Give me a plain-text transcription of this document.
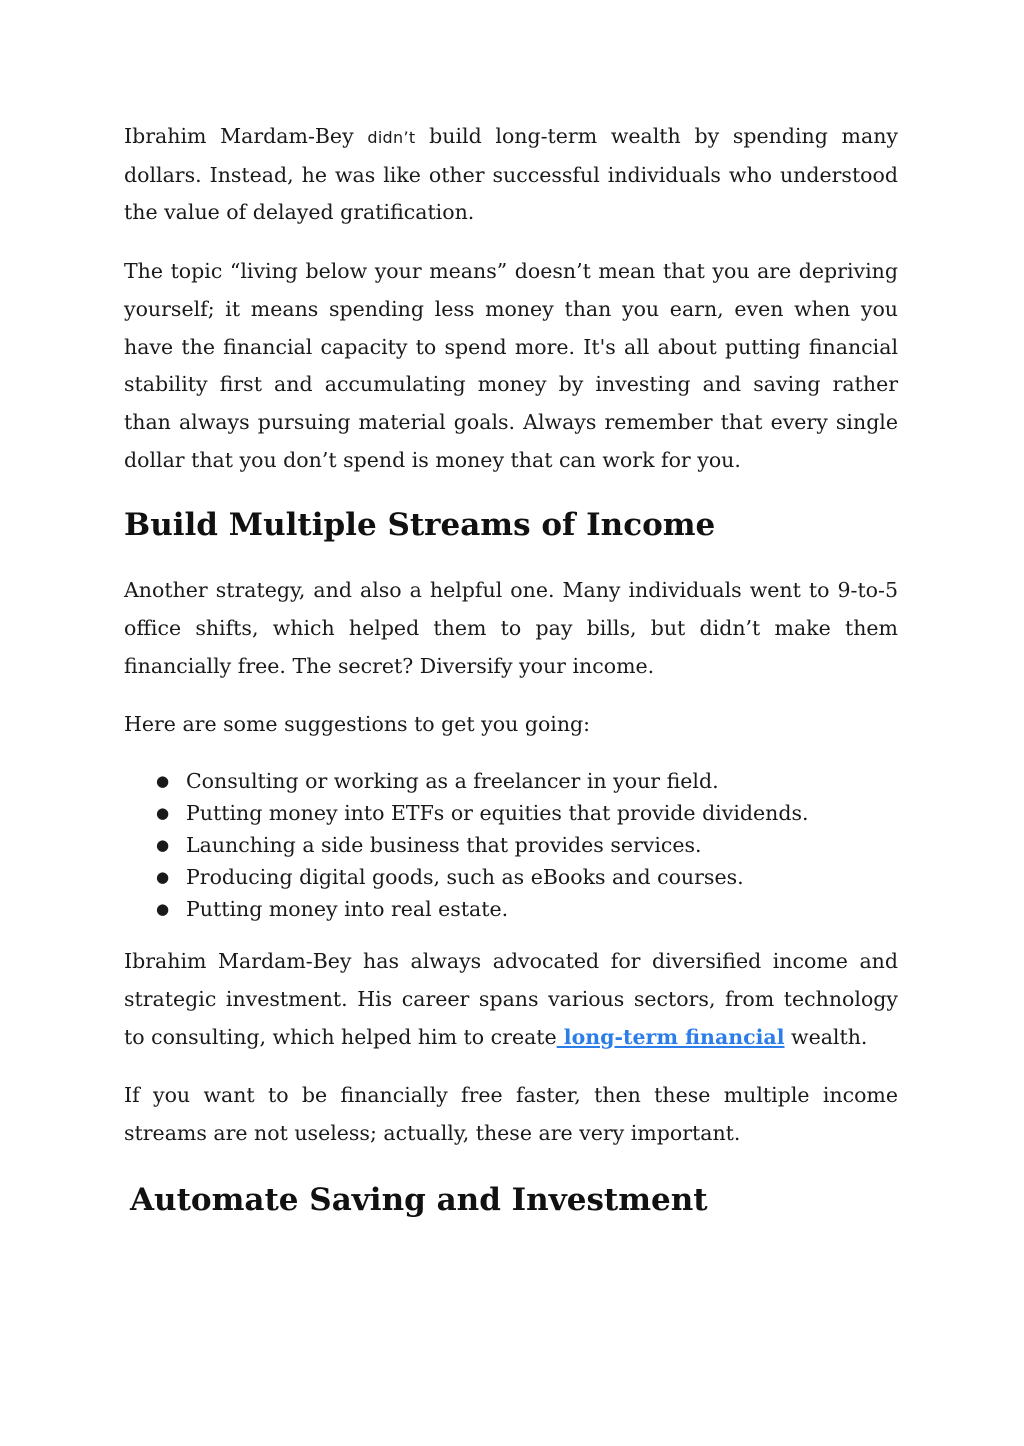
Ibrahim Mardam-Bey didn’t build long-term wealth by spending many dollars. Instead, he was like other successful individuals who understood the value of delayed gratification.

The topic “living below your means” doesn’t mean that you are depriving yourself; it means spending less money than you earn, even when you have the financial capacity to spend more. It's all about putting financial stability first and accumulating money by investing and saving rather than always pursuing material goals. Always remember that every single dollar that you don’t spend is money that can work for you.

Build Multiple Streams of Income

Another strategy, and also a helpful one. Many individuals went to 9-to-5 office shifts, which helped them to pay bills, but didn’t make them financially free. The secret? Diversify your income.

Here are some suggestions to get you going:

● Consulting or working as a freelancer in your field.
● Putting money into ETFs or equities that provide dividends.
● Launching a side business that provides services.
● Producing digital goods, such as eBooks and courses.
● Putting money into real estate.

Ibrahim Mardam-Bey has always advocated for diversified income and strategic investment. His career spans various sectors, from technology to consulting, which helped him to create long-term financial wealth.

If you want to be financially free faster, then these multiple income streams are not useless; actually, these are very important.

Automate Saving and Investment
